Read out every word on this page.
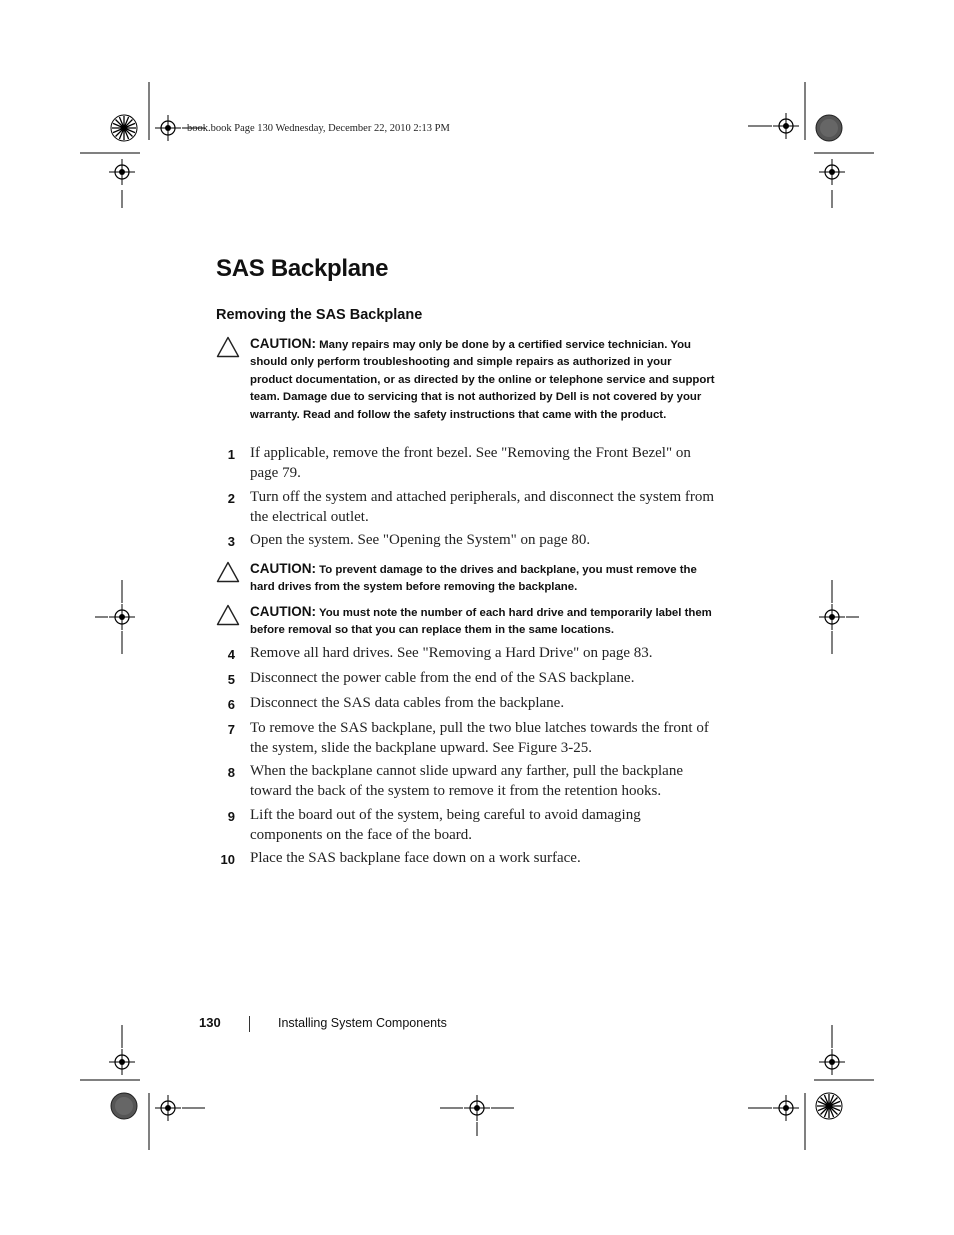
book.book Page 130 Wednesday, December 22, 2010 2:13 PM
SAS Backplane
Removing the SAS Backplane
CAUTION: Many repairs may only be done by a certified service technician. You should only perform troubleshooting and simple repairs as authorized in your product documentation, or as directed by the online or telephone service and support team. Damage due to servicing that is not authorized by Dell is not covered by your warranty. Read and follow the safety instructions that came with the product.
1 If applicable, remove the front bezel. See "Removing the Front Bezel" on page 79.
2 Turn off the system and attached peripherals, and disconnect the system from the electrical outlet.
3 Open the system. See "Opening the System" on page 80.
CAUTION: To prevent damage to the drives and backplane, you must remove the hard drives from the system before removing the backplane.
CAUTION: You must note the number of each hard drive and temporarily label them before removal so that you can replace them in the same locations.
4 Remove all hard drives. See "Removing a Hard Drive" on page 83.
5 Disconnect the power cable from the end of the SAS backplane.
6 Disconnect the SAS data cables from the backplane.
7 To remove the SAS backplane, pull the two blue latches towards the front of the system, slide the backplane upward. See Figure 3-25.
8 When the backplane cannot slide upward any farther, pull the backplane toward the back of the system to remove it from the retention hooks.
9 Lift the board out of the system, being careful to avoid damaging components on the face of the board.
10 Place the SAS backplane face down on a work surface.
130	Installing System Components
